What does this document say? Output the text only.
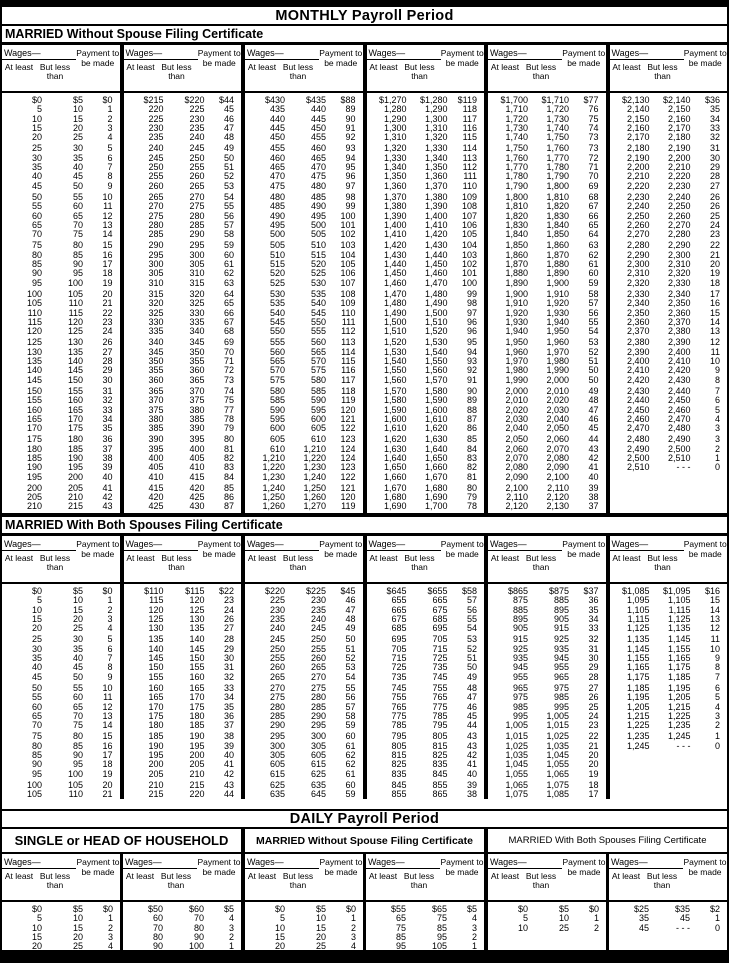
MONTHLY Payroll Period
MARRIED Without Spouse Filing Certificate
Wages—
At least But less than
Payment to be made
$0	$5	$0
5	10	1
10	15	2
15	20	3
20	25	4
25	30	5
30	35	6
35	40	7
40	45	8
45	50	9
50	55	10
55	60	11
60	65	12
65	70	13
70	75	14
75	80	15
80	85	16
85	90	17
90	95	18
95	100	19
100	105	20
105	110	21
110	115	22
115	120	23
120	125	24
125	130	26
130	135	27
135	140	28
140	145	29
145	150	30
150	155	31
155	160	32
160	165	33
165	170	34
170	175	35
175	180	36
180	185	37
185	190	38
190	195	39
195	200	40
200	205	41
205	210	42
210	215	43
Wages—
At least But less than
Payment to be made
$215	$220	$44
220	225	45
225	230	46
230	235	47
235	240	48
240	245	49
245	250	50
250	255	51
255	260	52
260	265	53
265	270	54
270	275	55
275	280	56
280	285	57
285	290	58
290	295	59
295	300	60
300	305	61
305	310	62
310	315	63
315	320	64
320	325	65
325	330	66
330	335	67
335	340	68
340	345	69
345	350	70
350	355	71
355	360	72
360	365	73
365	370	74
370	375	75
375	380	77
380	385	78
385	390	79
390	395	80
395	400	81
400	405	82
405	410	83
410	415	84
415	420	85
420	425	86
425	430	87
Wages—
At least But less than
Payment to be made
$430	$435	$88
435	440	89
440	445	90
445	450	91
450	455	92
455	460	93
460	465	94
465	470	95
470	475	96
475	480	97
480	485	98
485	490	99
490	495	100
495	500	101
500	505	102
505	510	103
510	515	104
515	520	105
520	525	106
525	530	107
530	535	108
535	540	109
540	545	110
545	550	111
550	555	112
555	560	113
560	565	114
565	570	115
570	575	116
575	580	117
580	585	118
585	590	119
590	595	120
595	600	121
600	605	122
605	610	123
610	1,210	124
1,210	1,220	124
1,220	1,230	123
1,230	1,240	122
1,240	1,250	121
1,250	1,260	120
1,260	1,270	119
Wages—
At least But less than
Payment to be made
$1,270	$1,280	$119
1,280	1,290	118
1,290	1,300	117
1,300	1,310	116
1,310	1,320	115
1,320	1,330	114
1,330	1,340	113
1,340	1,350	112
1,350	1,360	111
1,360	1,370	110
1,370	1,380	109
1,380	1,390	108
1,390	1,400	107
1,400	1,410	106
1,410	1,420	105
1,420	1,430	104
1,430	1,440	103
1,440	1,450	102
1,450	1,460	101
1,460	1,470	100
1,470	1,480	99
1,480	1,490	98
1,490	1,500	97
1,500	1,510	96
1,510	1,520	96
1,520	1,530	95
1,530	1,540	94
1,540	1,550	93
1,550	1,560	92
1,560	1,570	91
1,570	1,580	90
1,580	1,590	89
1,590	1,600	88
1,600	1,610	87
1,610	1,620	86
1,620	1,630	85
1,630	1,640	84
1,640	1,650	83
1,650	1,660	82
1,660	1,670	81
1,670	1,680	80
1,680	1,690	79
1,690	1,700	78
Wages—
At least But less than
Payment to be made
$1,700	$1,710	$77
1,710	1,720	76
1,720	1,730	75
1,730	1,740	74
1,740	1,750	73
1,750	1,760	73
1,760	1,770	72
1,770	1,780	71
1,780	1,790	70
1,790	1,800	69
1,800	1,810	68
1,810	1,820	67
1,820	1,830	66
1,830	1,840	65
1,840	1,850	64
1,850	1,860	63
1,860	1,870	62
1,870	1,880	61
1,880	1,890	60
1,890	1,900	59
1,900	1,910	58
1,910	1,920	57
1,920	1,930	56
1,930	1,940	55
1,940	1,950	54
1,950	1,960	53
1,960	1,970	52
1,970	1,980	51
1,980	1,990	50
1,990	2,000	50
2,000	2,010	49
2,010	2,020	48
2,020	2,030	47
2,030	2,040	46
2,040	2,050	45
2,050	2,060	44
2,060	2,070	43
2,070	2,080	42
2,080	2,090	41
2,090	2,100	40
2,100	2,110	39
2,110	2,120	38
2,120	2,130	37
Wages—
At least But less than
Payment to be made
$2,130	$2,140	$36
2,140	2,150	35
2,150	2,160	34
2,160	2,170	33
2,170	2,180	32
2,180	2,190	31
2,190	2,200	30
2,200	2,210	29
2,210	2,220	28
2,220	2,230	27
2,230	2,240	26
2,240	2,250	26
2,250	2,260	25
2,260	2,270	24
2,270	2,280	23
2,280	2,290	22
2,290	2,300	21
2,300	2,310	20
2,310	2,320	19
2,320	2,330	18
2,330	2,340	17
2,340	2,350	16
2,350	2,360	15
2,360	2,370	14
2,370	2,380	13
2,380	2,390	12
2,390	2,400	11
2,400	2,410	10
2,410	2,420	9
2,420	2,430	8
2,430	2,440	7
2,440	2,450	6
2,450	2,460	5
2,460	2,470	4
2,470	2,480	3
2,480	2,490	3
2,490	2,500	2
2,500	2,510	1
2,510	- - -	0
MARRIED With Both Spouses Filing Certificate
Wages—
At least But less than
Payment to be made
$0	$5	$0
5	10	1
10	15	2
15	20	3
20	25	4
25	30	5
30	35	6
35	40	7
40	45	8
45	50	9
50	55	10
55	60	11
60	65	12
65	70	13
70	75	14
75	80	15
80	85	16
85	90	17
90	95	18
95	100	19
100	105	20
105	110	21
Wages—
At least But less than
Payment to be made
$110	$115	$22
115	120	23
120	125	24
125	130	26
130	135	27
135	140	28
140	145	29
145	150	30
150	155	31
155	160	32
160	165	33
165	170	34
170	175	35
175	180	36
180	185	37
185	190	38
190	195	39
195	200	40
200	205	41
205	210	42
210	215	43
215	220	44
Wages—
At least But less than
Payment to be made
$220	$225	$45
225	230	46
230	235	47
235	240	48
240	245	49
245	250	50
250	255	51
255	260	52
260	265	53
265	270	54
270	275	55
275	280	56
280	285	57
285	290	58
290	295	59
295	300	60
300	305	61
305	605	62
605	615	62
615	625	61
625	635	60
635	645	59
Wages—
At least But less than
Payment to be made
$645	$655	$58
655	665	57
665	675	56
675	685	55
685	695	54
695	705	53
705	715	52
715	725	51
725	735	50
735	745	49
745	755	48
755	765	47
765	775	46
775	785	45
785	795	44
795	805	43
805	815	43
815	825	42
825	835	41
835	845	40
845	855	39
855	865	38
Wages—
At least But less than
Payment to be made
$865	$875	$37
875	885	36
885	895	35
895	905	34
905	915	33
915	925	32
925	935	31
935	945	30
945	955	29
955	965	28
965	975	27
975	985	26
985	995	25
995	1,005	24
1,005	1,015	23
1,015	1,025	22
1,025	1,035	21
1,035	1,045	20
1,045	1,055	20
1,055	1,065	19
1,065	1,075	18
1,075	1,085	17
Wages—
At least But less than
Payment to be made
$1,085	$1,095	$16
1,095	1,105	15
1,105	1,115	14
1,115	1,125	13
1,125	1,135	12
1,135	1,145	11
1,145	1,155	10
1,155	1,165	9
1,165	1,175	8
1,175	1,185	7
1,185	1,195	6
1,195	1,205	5
1,205	1,215	4
1,215	1,225	3
1,225	1,235	2
1,235	1,245	1
1,245	- - -	0
DAILY Payroll Period
SINGLE or HEAD OF HOUSEHOLD
Wages—
At least But less than
Payment to be made
$0	$5	$0
5	10	1
10	15	2
15	20	3
20	25	4
25	50	5
Wages—
At least But less than
Payment to be made
$50	$60	$5
60	70	4
70	80	3
80	90	2
90	100	1
100	- - -	0
MARRIED Without Spouse Filing Certificate
Wages—
At least But less than
Payment to be made
$0	$5	$0
5	10	1
10	15	2
15	20	3
20	25	4
25	55	5
Wages—
At least But less than
Payment to be made
$55	$65	$5
65	75	4
75	85	3
85	95	2
95	105	1
105	- - -	0
MARRIED With Both Spouses Filing Certificate
Wages—
At least But less than
Payment to be made
$0	$5	$0
5	10	1
10	25	2
Wages—
At least But less than
Payment to be made
$25	$35	$2
35	45	1
45	- - -	0
